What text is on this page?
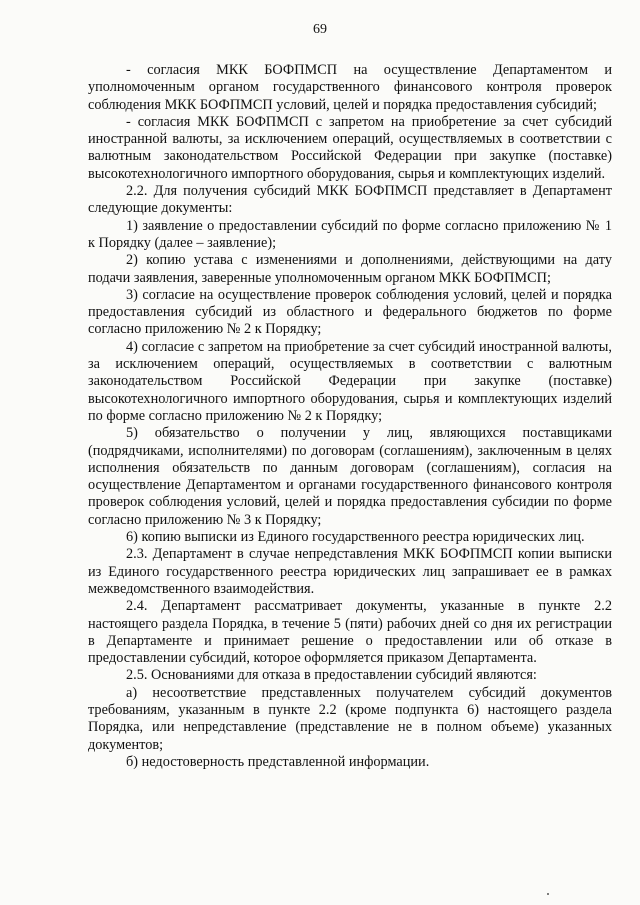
69

- согласия МКК БОФПМСП на осуществление Департаментом и уполномоченным органом государственного финансового контроля проверок соблюдения МКК БОФПМСП условий, целей и порядка предоставления субсидий;

- согласия МКК БОФПМСП с запретом на приобретение за счет субсидий иностранной валюты, за исключением операций, осуществляемых в соответствии с валютным законодательством Российской Федерации при закупке (поставке) высокотехнологичного импортного оборудования, сырья и комплектующих изделий.

2.2. Для получения субсидий МКК БОФПМСП представляет в Департамент следующие документы:

1) заявление о предоставлении субсидий по форме согласно приложению № 1 к Порядку (далее – заявление);

2) копию устава с изменениями и дополнениями, действующими на дату подачи заявления, заверенные уполномоченным органом МКК БОФПМСП;

3) согласие на осуществление проверок соблюдения условий, целей и порядка предоставления субсидий из областного и федерального бюджетов по форме согласно приложению № 2 к Порядку;

4) согласие с запретом на приобретение за счет субсидий иностранной валюты, за исключением операций, осуществляемых в соответствии с валютным законодательством Российской Федерации при закупке (поставке) высокотехнологичного импортного оборудования, сырья и комплектующих изделий по форме согласно приложению № 2 к Порядку;

5) обязательство о получении у лиц, являющихся поставщиками (подрядчиками, исполнителями) по договорам (соглашениям), заключенным в целях исполнения обязательств по данным договорам (соглашениям), согласия на осуществление Департаментом и органами государственного финансового контроля проверок соблюдения условий, целей и порядка предоставления субсидии по форме согласно приложению № 3 к Порядку;

6) копию выписки из Единого государственного реестра юридических лиц.

2.3. Департамент в случае непредставления МКК БОФПМСП копии выписки из Единого государственного реестра юридических лиц запрашивает ее в рамках межведомственного взаимодействия.

2.4. Департамент рассматривает документы, указанные в пункте 2.2 настоящего раздела Порядка, в течение 5 (пяти) рабочих дней со дня их регистрации в Департаменте и принимает решение о предоставлении или об отказе в предоставлении субсидий, которое оформляется приказом Департамента.

2.5. Основаниями для отказа в предоставлении субсидий являются:

а) несоответствие представленных получателем субсидий документов требованиям, указанным в пункте 2.2 (кроме подпункта 6) настоящего раздела Порядка, или непредставление (представление не в полном объеме) указанных документов;

б) недостоверность представленной информации.
